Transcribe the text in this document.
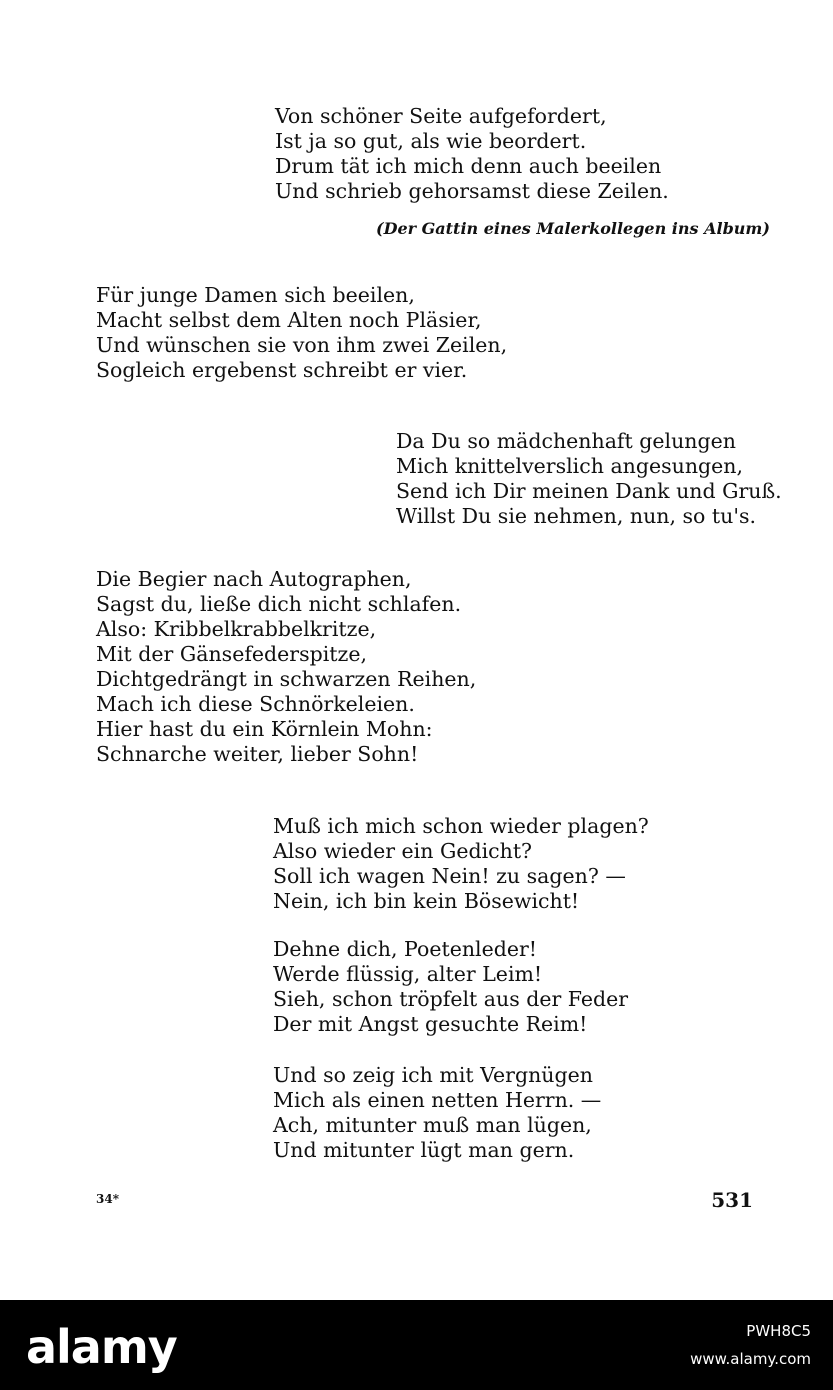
Von schöner Seite aufgefordert,
Ist ja so gut, als wie beordert.
Drum tät ich mich denn auch beeilen
Und schrieb gehorsamst diese Zeilen.
(Der Gattin eines Malerkollegen ins Album)
Für junge Damen sich beeilen,
Macht selbst dem Alten noch Pläsier,
Und wünschen sie von ihm zwei Zeilen,
Sogleich ergebenst schreibt er vier.
Da Du so mädchenhaft gelungen
Mich knittelverslich angesungen,
Send ich Dir meinen Dank und Gruß.
Willst Du sie nehmen, nun, so tu's.
Die Begier nach Autographen,
Sagst du, ließe dich nicht schlafen.
Also: Kribbelkrabbelkritze,
Mit der Gänsefederspitze,
Dichtgedrängt in schwarzen Reihen,
Mach ich diese Schnörkeleien.
Hier hast du ein Körnlein Mohn:
Schnarche weiter, lieber Sohn!
Muß ich mich schon wieder plagen?
Also wieder ein Gedicht?
Soll ich wagen Nein! zu sagen? —
Nein, ich bin kein Bösewicht!
Dehne dich, Poetenleder!
Werde flüssig, alter Leim!
Sieh, schon tröpfelt aus der Feder
Der mit Angst gesuchte Reim!
Und so zeig ich mit Vergnügen
Mich als einen netten Herrn. —
Ach, mitunter muß man lügen,
Und mitunter lügt man gern.
34*	531
alamy	PWH8C5
www.alamy.com
